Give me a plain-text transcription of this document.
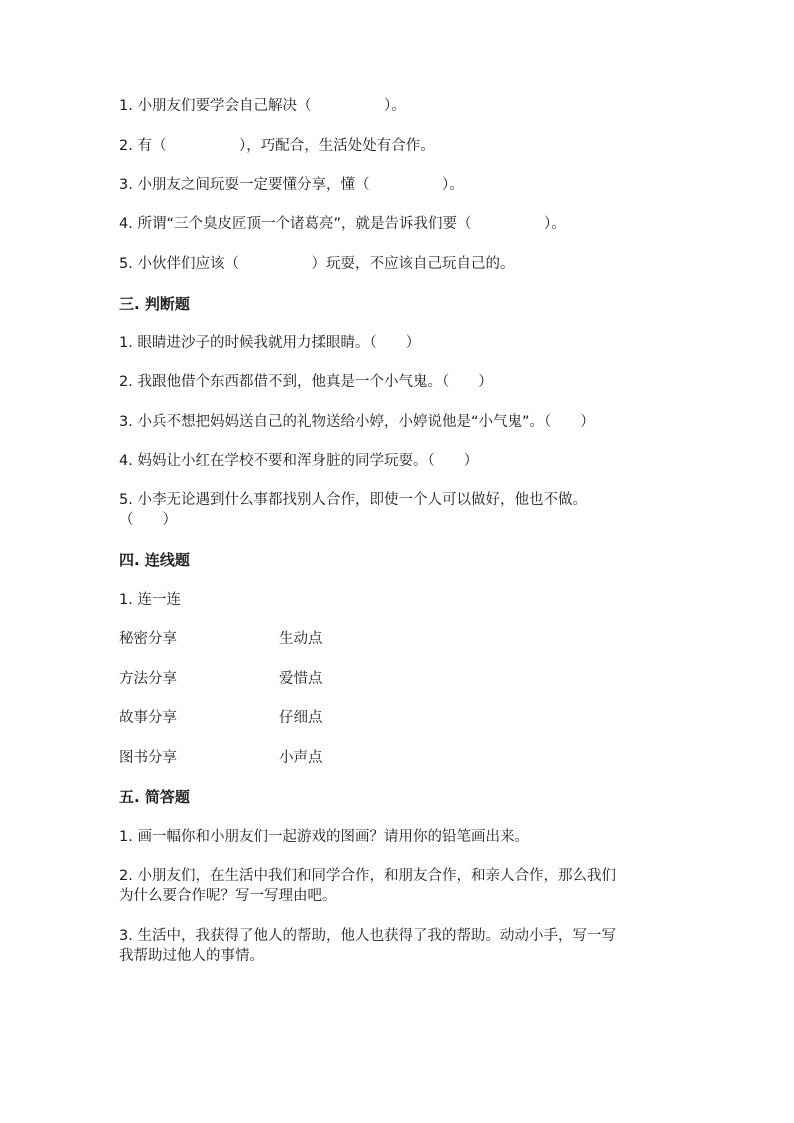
1. 小朋友们要学会自己解决（　　　　　）。
2. 有（　　　　　），巧配合，生活处处有合作。
3. 小朋友之间玩耍一定要懂分享，懂（　　　　　）。
4. 所谓“三个臭皮匠顶一个诸葛亮”，就是告诉我们要（　　　　　）。
5. 小伙伴们应该（　　　　　）玩耍，不应该自己玩自己的。
三. 判断题
1. 眼睛进沙子的时候我就用力揉眼睛。（　　）
2. 我跟他借个东西都借不到，他真是一个小气鬼。（　　）
3. 小兵不想把妈妈送自己的礼物送给小婷，小婷说他是“小气鬼”。（　　）
4. 妈妈让小红在学校不要和浑身脏的同学玩耍。（　　）
5. 小李无论遇到什么事都找别人合作，即使一个人可以做好，他也不做。
（　　）
四. 连线题
1. 连一连
秘密分享	生动点
方法分享	爱惜点
故事分享	仔细点
图书分享	小声点
五. 简答题
1. 画一幅你和小朋友们一起游戏的图画？请用你的铅笔画出来。
2. 小朋友们，在生活中我们和同学合作，和朋友合作，和亲人合作，那么我们
为什么要合作呢？写一写理由吧。
3. 生活中，我获得了他人的帮助，他人也获得了我的帮助。动动小手，写一写
我帮助过他人的事情。
